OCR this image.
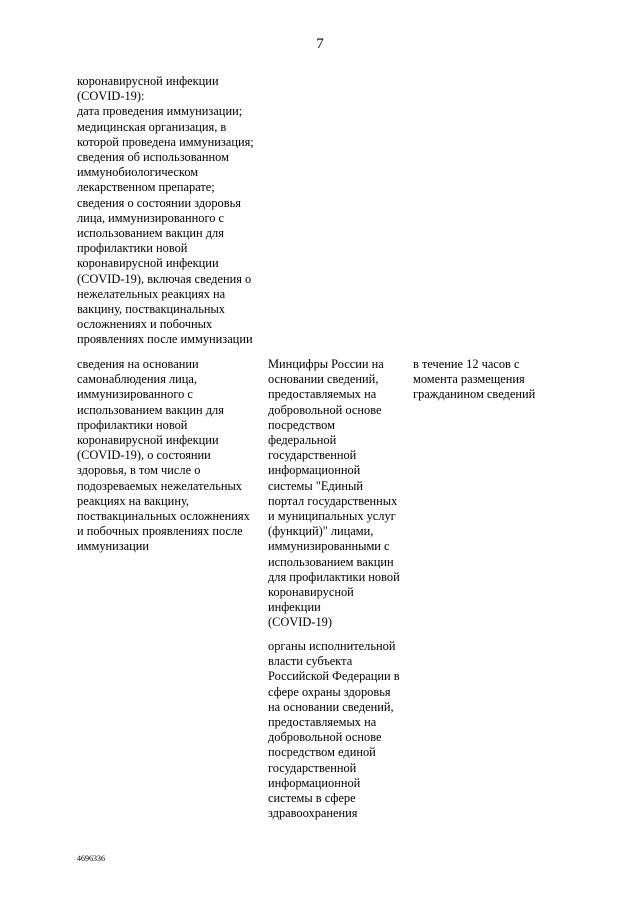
7
коронавирусной инфекции
(COVID-19):
дата проведения иммунизации;
медицинская организация, в
которой проведена иммунизация;
сведения об использованном
иммунобиологическом
лекарственном препарате;
сведения о состоянии здоровья
лица, иммунизированного с
использованием вакцин для
профилактики новой
коронавирусной инфекции
(COVID-19), включая сведения о
нежелательных реакциях на
вакцину, поствакцинальных
осложнениях и побочных
проявлениях после иммунизации
сведения на основании
самонаблюдения лица,
иммунизированного с
использованием вакцин для
профилактики новой
коронавирусной инфекции
(COVID-19), о состоянии
здоровья, в том числе о
подозреваемых нежелательных
реакциях на вакцину,
поствакцинальных осложнениях
и побочных проявлениях после
иммунизации
Минцифры России на
основании сведений,
предоставляемых на
добровольной основе
посредством
федеральной
государственной
информационной
системы "Единый
портал государственных
и муниципальных услуг
(функций)" лицами,
иммунизированными с
использованием вакцин
для профилактики новой
коронавирусной
инфекции
(COVID-19)
органы исполнительной
власти субъекта
Российской Федерации в
сфере охраны здоровья
на основании сведений,
предоставляемых на
добровольной основе
посредством единой
государственной
информационной
системы в сфере
здравоохранения
в течение 12 часов с
момента размещения
гражданином сведений
4696336
